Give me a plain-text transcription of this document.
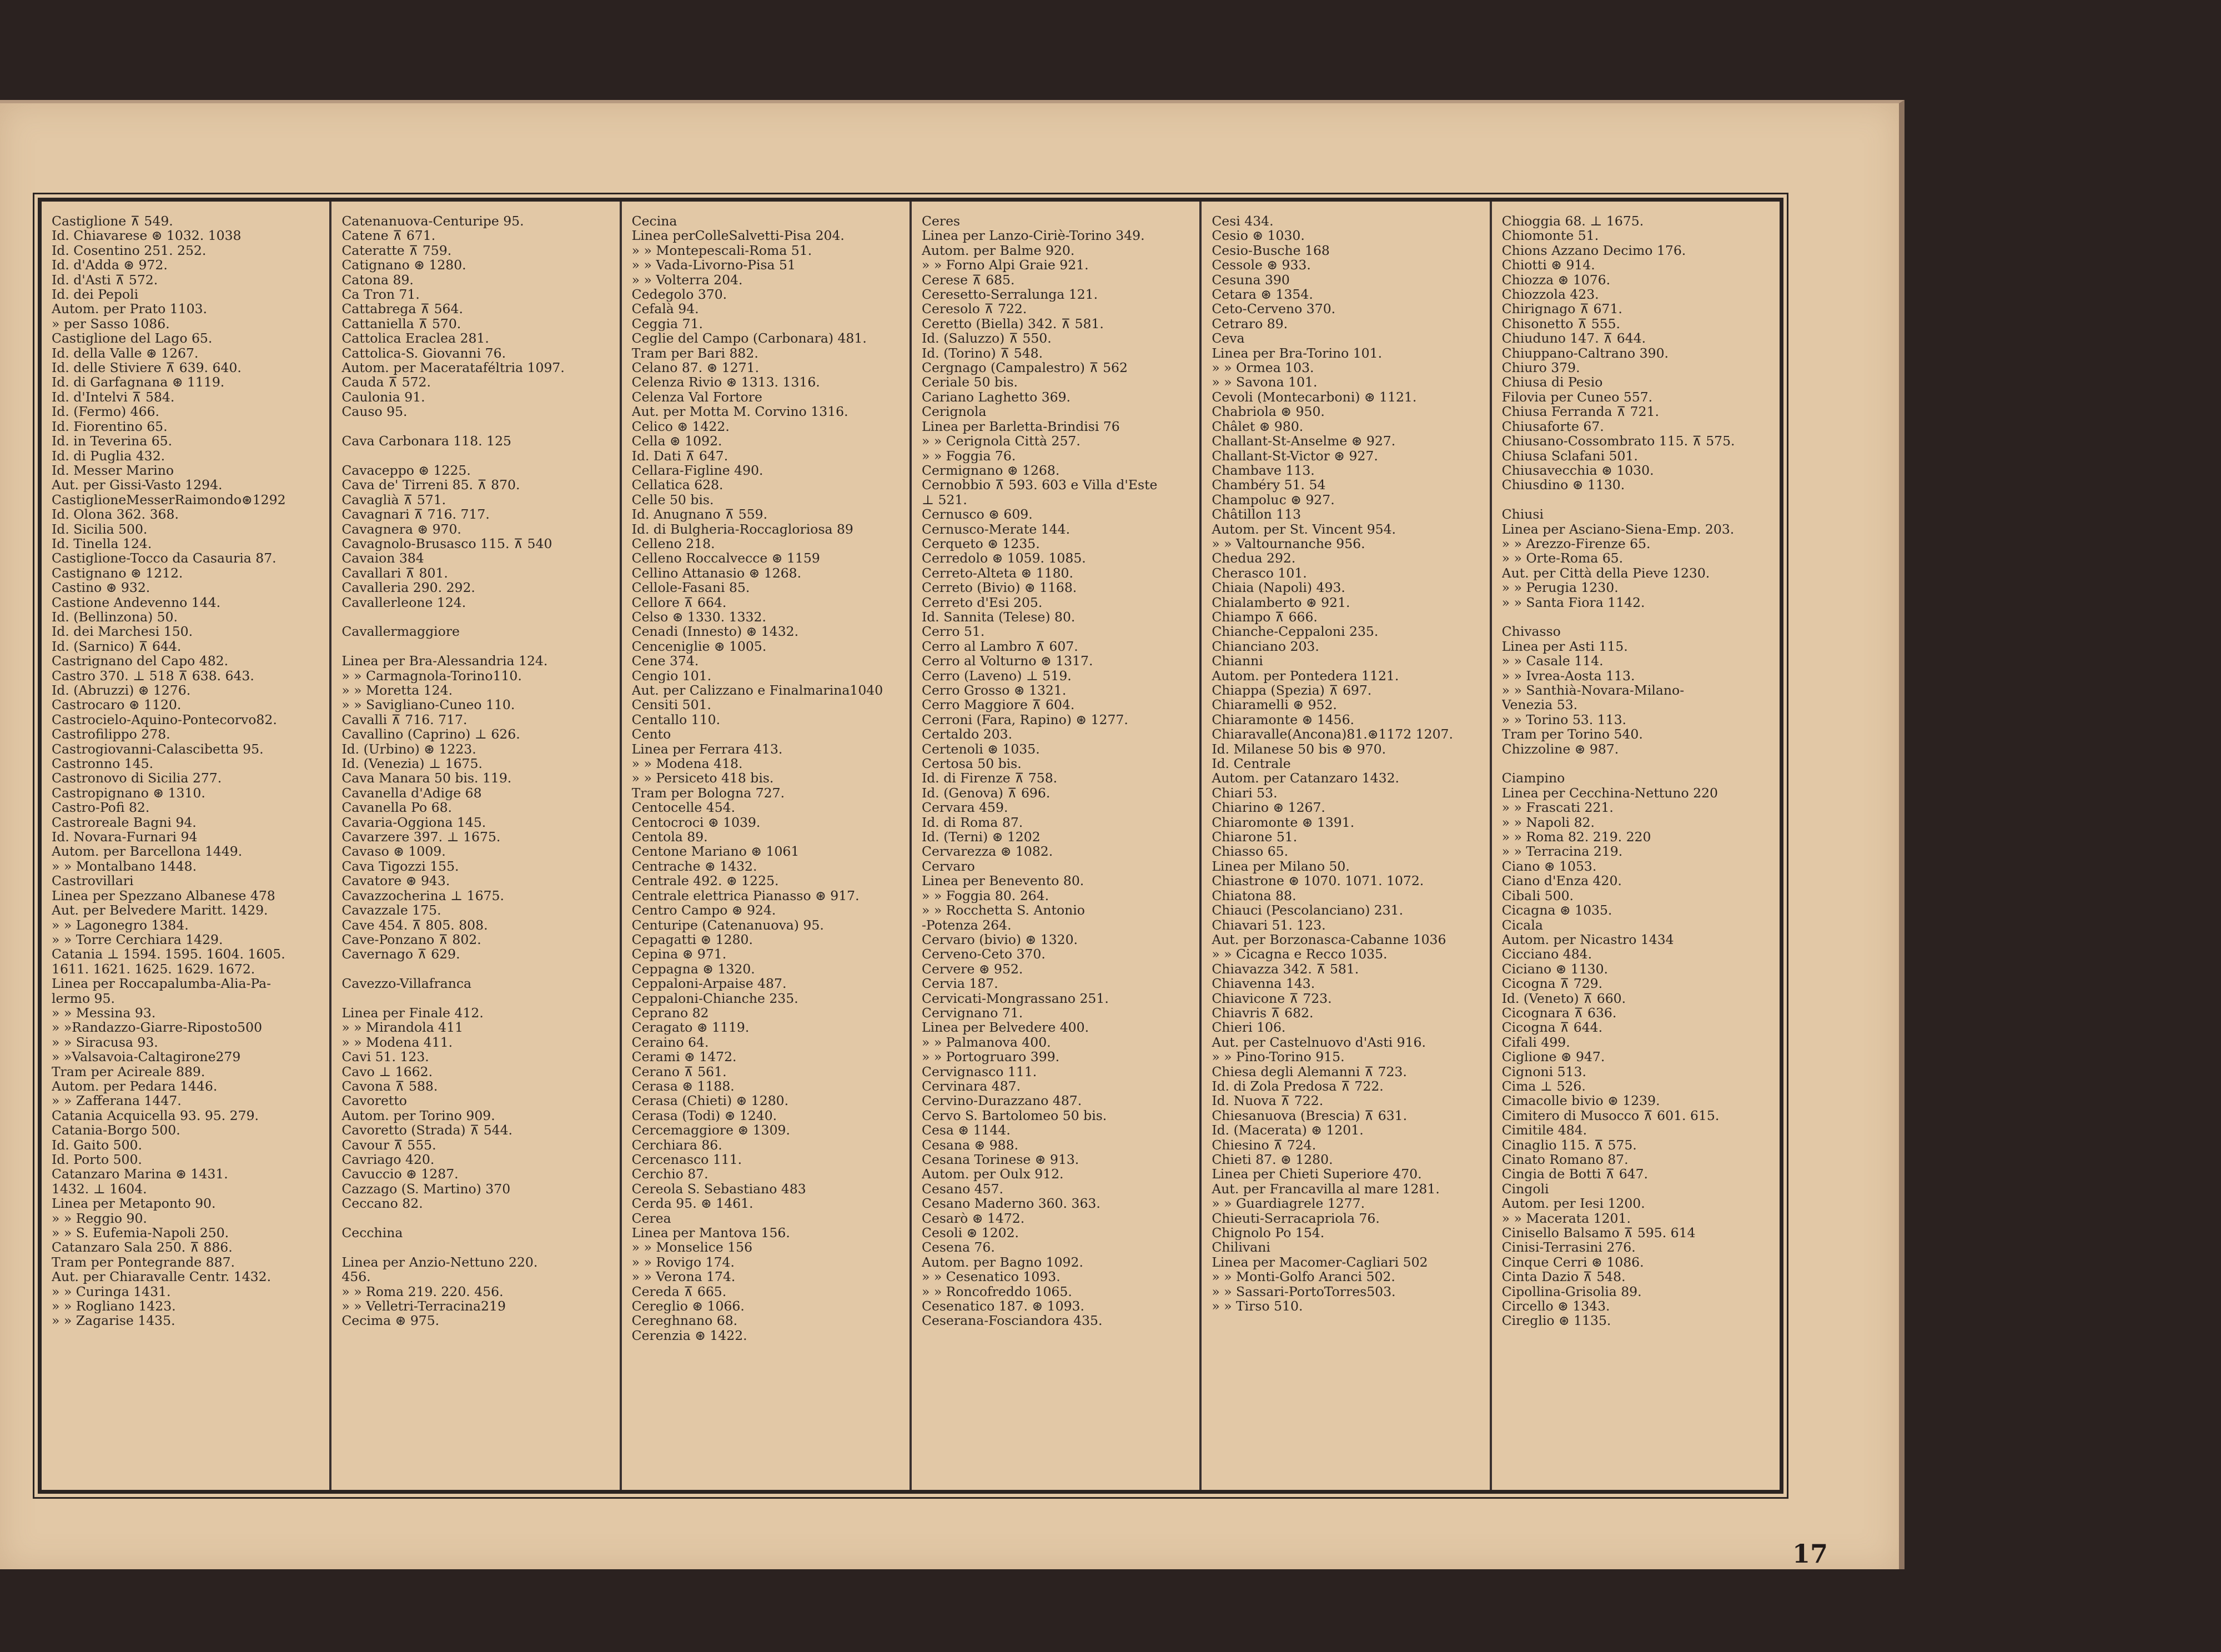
Castiglione ⊼ 549.
Id. Chiavarese ⊛ 1032. 1038
Id. Cosentino 251. 252.
Id. d'Adda ⊛ 972.
Id. d'Asti ⊼ 572.
Id. dei Pepoli
Autom. per Prato 1103.
» per Sasso 1086.
Castiglione del Lago 65.
Id. della Valle ⊛ 1267.
Id. delle Stiviere ⊼ 639. 640.
Id. di Garfagnana ⊛ 1119.
Id. d'Intelvi ⊼ 584.
Id. (Fermo) 466.
Id. Fiorentino 65.
Id. in Teverina 65.
Id. di Puglia 432.
Id. Messer Marino
Aut. per Gissi-Vasto 1294.
CastiglioneMesserRaimondo⊛1292
Id. Olona 362. 368.
Id. Sicilia 500.
Id. Tinella 124.
Castiglione-Tocco da Casauria 87.
Castignano ⊛ 1212.
Castino ⊛ 932.
Castione Andevenno 144.
Id. (Bellinzona) 50.
Id. dei Marchesi 150.
Id. (Sarnico) ⊼ 644.
Castrignano del Capo 482.
Castro 370. ⊥ 518 ⊼ 638. 643.
Id. (Abruzzi) ⊛ 1276.
Castrocaro ⊛ 1120.
Castrocielo-Aquino-Pontecorvo82.
Castrofilippo 278.
Castrogiovanni-Calascibetta 95.
Castronno 145.
Castronovo di Sicilia 277.
Castropignano ⊛ 1310.
Castro-Pofi 82.
Castroreale Bagni 94.
Id. Novara-Furnari 94
Autom. per Barcellona 1449.
» » Montalbano 1448.
Castrovillari
Linea per Spezzano Albanese 478
Aut. per Belvedere Maritt. 1429.
» » Lagonegro 1384.
» » Torre Cerchiara 1429.
Catania ⊥ 1594. 1595. 1604. 1605.
1611. 1621. 1625. 1629. 1672.
Linea per Roccapalumba-Alia-Pa-
lermo 95.
» » Messina 93.
» »Randazzo-Giarre-Riposto500
» » Siracusa 93.
» »Valsavoia-Caltagirone279
Tram per Acireale 889.
Autom. per Pedara 1446.
» » Zafferana 1447.
Catania Acquicella 93. 95. 279.
Catania-Borgo 500.
Id. Gaito 500.
Id. Porto 500.
Catanzaro Marina ⊛ 1431.
1432. ⊥ 1604.
Linea per Metaponto 90.
» » Reggio 90.
» » S. Eufemia-Napoli 250.
Catanzaro Sala 250. ⊼ 886.
Tram per Pontegrande 887.
Aut. per Chiaravalle Centr. 1432.
» » Curinga 1431.
» » Rogliano 1423.
» » Zagarise 1435.
Catenanuova-Centuripe 95.
Catene ⊼ 671.
Cateratte ⊼ 759.
Catignano ⊛ 1280.
Catona 89.
Ca Tron 71.
Cattabrega ⊼ 564.
Cattaniella ⊼ 570.
Cattolica Eraclea 281.
Cattolica-S. Giovanni 76.
Autom. per Macerataféltria 1097.
Cauda ⊼ 572.
Caulonia 91.
Causo 95.

Cava Carbonara 118. 125

Cavaceppo ⊛ 1225.
Cava de' Tirreni 85. ⊼ 870.
Cavaglià ⊼ 571.
Cavagnari ⊼ 716. 717.
Cavagnera ⊛ 970.
Cavagnolo-Brusasco 115. ⊼ 540
Cavaion 384
Cavallari ⊼ 801.
Cavalleria 290. 292.
Cavallerleone 124.

Cavallermaggiore

Linea per Bra-Alessandria 124.
» » Carmagnola-Torino110.
» » Moretta 124.
» » Savigliano-Cuneo 110.
Cavalli ⊼ 716. 717.
Cavallino (Caprino) ⊥ 626.
Id. (Urbino) ⊛ 1223.
Id. (Venezia) ⊥ 1675.
Cava Manara 50 bis. 119.
Cavanella d'Adige 68
Cavanella Po 68.
Cavaria-Oggiona 145.
Cavarzere 397. ⊥ 1675.
Cavaso ⊛ 1009.
Cava Tigozzi 155.
Cavatore ⊛ 943.
Cavazzocherina ⊥ 1675.
Cavazzale 175.
Cave 454. ⊼ 805. 808.
Cave-Ponzano ⊼ 802.
Cavernago ⊼ 629.

Cavezzo-Villafranca

Linea per Finale 412.
» » Mirandola 411
» » Modena 411.
Cavi 51. 123.
Cavo ⊥ 1662.
Cavona ⊼ 588.
Cavoretto
Autom. per Torino 909.
Cavoretto (Strada) ⊼ 544.
Cavour ⊼ 555.
Cavriago 420.
Cavuccio ⊛ 1287.
Cazzago (S. Martino) 370
Ceccano 82.

Cecchina

Linea per Anzio-Nettuno 220.
456.
» » Roma 219. 220. 456.
» » Velletri-Terracina219
Cecima ⊛ 975.
Cecina
Linea perColleSalvetti-Pisa 204.
» » Montepescali-Roma 51.
» » Vada-Livorno-Pisa 51
» » Volterra 204.
Cedegolo 370.
Cefalà 94.
Ceggia 71.
Ceglie del Campo (Carbonara) 481.
Tram per Bari 882.
Celano 87. ⊛ 1271.
Celenza Rivio ⊛ 1313. 1316.
Celenza Val Fortore
Aut. per Motta M. Corvino 1316.
Celico ⊛ 1422.
Cella ⊛ 1092.
Id. Dati ⊼ 647.
Cellara-Figline 490.
Cellatica 628.
Celle 50 bis.
Id. Anugnano ⊼ 559.
Id. di Bulgheria-Roccagloriosa 89
Celleno 218.
Celleno Roccalvecce ⊛ 1159
Cellino Attanasio ⊛ 1268.
Cellole-Fasani 85.
Cellore ⊼ 664.
Celso ⊛ 1330. 1332.
Cenadi (Innesto) ⊛ 1432.
Cenceniglie ⊛ 1005.
Cene 374.
Cengio 101.
Aut. per Calizzano e Finalmarina1040
Censiti 501.
Centallo 110.
Cento
Linea per Ferrara 413.
» » Modena 418.
» » Persiceto 418 bis.
Tram per Bologna 727.
Centocelle 454.
Centocroci ⊛ 1039.
Centola 89.
Centone Mariano ⊛ 1061
Centrache ⊛ 1432.
Centrale 492. ⊛ 1225.
Centrale elettrica Pianasso ⊛ 917.
Centro Campo ⊛ 924.
Centuripe (Catenanuova) 95.
Cepagatti ⊛ 1280.
Cepina ⊛ 971.
Ceppagna ⊛ 1320.
Ceppaloni-Arpaise 487.
Ceppaloni-Chianche 235.
Ceprano 82
Ceragato ⊛ 1119.
Ceraino 64.
Cerami ⊛ 1472.
Cerano ⊼ 561.
Cerasa ⊛ 1188.
Cerasa (Chieti) ⊛ 1280.
Cerasa (Todi) ⊛ 1240.
Cercemaggiore ⊛ 1309.
Cerchiara 86.
Cercenasco 111.
Cerchio 87.
Cereola S. Sebastiano 483
Cerda 95. ⊛ 1461.
Cerea
Linea per Mantova 156.
» » Monselice 156
» » Rovigo 174.
» » Verona 174.
Cereda ⊼ 665.
Cereglio ⊛ 1066.
Cereghnano 68.
Cerenzia ⊛ 1422.
Ceres
Linea per Lanzo-Ciriè-Torino 349.
Autom. per Balme 920.
» » Forno Alpi Graie 921.
Cerese ⊼ 685.
Ceresetto-Serralunga 121.
Ceresolo ⊼ 722.
Ceretto (Biella) 342. ⊼ 581.
Id. (Saluzzo) ⊼ 550.
Id. (Torino) ⊼ 548.
Cergnago (Campalestro) ⊼ 562
Ceriale 50 bis.
Cariano Laghetto 369.
Cerignola
Linea per Barletta-Brindisi 76
» » Cerignola Città 257.
» » Foggia 76.
Cermignano ⊛ 1268.
Cernobbio ⊼ 593. 603 e Villa d'Este
⊥ 521.
Cernusco ⊛ 609.
Cernusco-Merate 144.
Cerqueto ⊛ 1235.
Cerredolo ⊛ 1059. 1085.
Cerreto-Alteta ⊛ 1180.
Cerreto (Bivio) ⊛ 1168.
Cerreto d'Esi 205.
Id. Sannita (Telese) 80.
Cerro 51.
Cerro al Lambro ⊼ 607.
Cerro al Volturno ⊛ 1317.
Cerro (Laveno) ⊥ 519.
Cerro Grosso ⊛ 1321.
Cerro Maggiore ⊼ 604.
Cerroni (Fara, Rapino) ⊛ 1277.
Certaldo 203.
Certenoli ⊛ 1035.
Certosa 50 bis.
Id. di Firenze ⊼ 758.
Id. (Genova) ⊼ 696.
Cervara 459.
Id. di Roma 87.
Id. (Terni) ⊛ 1202
Cervarezza ⊛ 1082.
Cervaro
Linea per Benevento 80.
» » Foggia 80. 264.
» » Rocchetta S. Antonio
-Potenza 264.
Cervaro (bivio) ⊛ 1320.
Cerveno-Ceto 370.
Cervere ⊛ 952.
Cervia 187.
Cervicati-Mongrassano 251.
Cervignano 71.
Linea per Belvedere 400.
» » Palmanova 400.
» » Portogruaro 399.
Cervignasco 111.
Cervinara 487.
Cervino-Durazzano 487.
Cervo S. Bartolomeo 50 bis.
Cesa ⊛ 1144.
Cesana ⊛ 988.
Cesana Torinese ⊛ 913.
Autom. per Oulx 912.
Cesano 457.
Cesano Maderno 360. 363.
Cesarò ⊛ 1472.
Cesoli ⊛ 1202.
Cesena 76.
Autom. per Bagno 1092.
» » Cesenatico 1093.
» » Roncofreddo 1065.
Cesenatico 187. ⊛ 1093.
Ceserana-Fosciandora 435.
Cesi 434.
Cesio ⊛ 1030.
Cesio-Busche 168
Cessole ⊛ 933.
Cesuna 390
Cetara ⊛ 1354.
Ceto-Cerveno 370.
Cetraro 89.
Ceva
Linea per Bra-Torino 101.
» » Ormea 103.
» » Savona 101.
Cevoli (Montecarboni) ⊛ 1121.
Chabriola ⊛ 950.
Châlet ⊛ 980.
Challant-St-Anselme ⊛ 927.
Challant-St-Victor ⊛ 927.
Chambave 113.
Chambéry 51. 54
Champoluc ⊛ 927.
Châtillon 113
Autom. per St. Vincent 954.
» » Valtournanche 956.
Chedua 292.
Cherasco 101.
Chiaia (Napoli) 493.
Chialamberto ⊛ 921.
Chiampo ⊼ 666.
Chianche-Ceppaloni 235.
Chianciano 203.
Chianni
Autom. per Pontedera 1121.
Chiappa (Spezia) ⊼ 697.
Chiaramelli ⊛ 952.
Chiaramonte ⊛ 1456.
Chiaravalle(Ancona)81.⊛1172 1207.
Id. Milanese 50 bis ⊛ 970.
Id. Centrale
Autom. per Catanzaro 1432.
Chiari 53.
Chiarino ⊛ 1267.
Chiaromonte ⊛ 1391.
Chiarone 51.
Chiasso 65.
Linea per Milano 50.
Chiastrone ⊛ 1070. 1071. 1072.
Chiatona 88.
Chiauci (Pescolanciano) 231.
Chiavari 51. 123.
Aut. per Borzonasca-Cabanne 1036
» » Cicagna e Recco 1035.
Chiavazza 342. ⊼ 581.
Chiavenna 143.
Chiavicone ⊼ 723.
Chiavris ⊼ 682.
Chieri 106.
Aut. per Castelnuovo d'Asti 916.
» » Pino-Torino 915.
Chiesa degli Alemanni ⊼ 723.
Id. di Zola Predosa ⊼ 722.
Id. Nuova ⊼ 722.
Chiesanuova (Brescia) ⊼ 631.
Id. (Macerata) ⊛ 1201.
Chiesino ⊼ 724.
Chieti 87. ⊛ 1280.
Linea per Chieti Superiore 470.
Aut. per Francavilla al mare 1281.
» » Guardiagrele 1277.
Chieuti-Serracapriola 76.
Chignolo Po 154.
Chilivani
Linea per Macomer-Cagliari 502
» » Monti-Golfo Aranci 502.
» » Sassari-PortoTorres503.
» » Tirso 510.
Chioggia 68. ⊥ 1675.
Chiomonte 51.
Chions Azzano Decimo 176.
Chiotti ⊛ 914.
Chiozza ⊛ 1076.
Chiozzola 423.
Chirignago ⊼ 671.
Chisonetto ⊼ 555.
Chiuduno 147. ⊼ 644.
Chiuppano-Caltrano 390.
Chiuro 379.
Chiusa di Pesio
Filovia per Cuneo 557.
Chiusa Ferranda ⊼ 721.
Chiusaforte 67.
Chiusano-Cossombrato 115. ⊼ 575.
Chiusa Sclafani 501.
Chiusavecchia ⊛ 1030.
Chiusdino ⊛ 1130.

Chiusi
Linea per Asciano-Siena-Emp. 203.
» » Arezzo-Firenze 65.
» » Orte-Roma 65.
Aut. per Città della Pieve 1230.
» » Perugia 1230.
» » Santa Fiora 1142.

Chivasso
Linea per Asti 115.
» » Casale 114.
» » Ivrea-Aosta 113.
» » Santhià-Novara-Milano-
Venezia 53.
» » Torino 53. 113.
Tram per Torino 540.
Chizzoline ⊛ 987.

Ciampino
Linea per Cecchina-Nettuno 220
» » Frascati 221.
» » Napoli 82.
» » Roma 82. 219. 220
» » Terracina 219.
Ciano ⊛ 1053.
Ciano d'Enza 420.
Cibali 500.
Cicagna ⊛ 1035.
Cicala
Autom. per Nicastro 1434
Cicciano 484.
Ciciano ⊛ 1130.
Cicogna ⊼ 729.
Id. (Veneto) ⊼ 660.
Cicognara ⊼ 636.
Cicogna ⊼ 644.
Cifali 499.
Ciglione ⊛ 947.
Cignoni 513.
Cima ⊥ 526.
Cimacolle bivio ⊛ 1239.
Cimitero di Musocco ⊼ 601. 615.
Cimitile 484.
Cinaglio 115. ⊼ 575.
Cinato Romano 87.
Cingia de Botti ⊼ 647.
Cingoli
Autom. per Iesi 1200.
» » Macerata 1201.
Cinisello Balsamo ⊼ 595. 614
Cinisi-Terrasini 276.
Cinque Cerri ⊛ 1086.
Cinta Dazio ⊼ 548.
Cipollina-Grisolia 89.
Circello ⊛ 1343.
Cireglio ⊛ 1135.
17
